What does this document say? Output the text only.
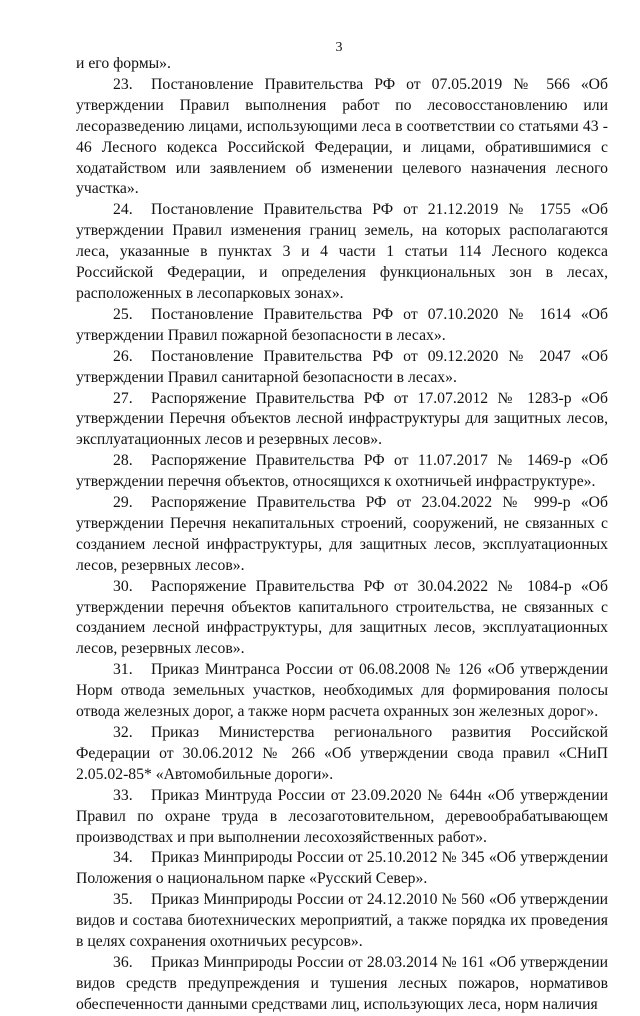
3

и его формы».

23. Постановление Правительства РФ от 07.05.2019 № 566 «Об утверждении Правил выполнения работ по лесовосстановлению или лесоразведению лицами, использующими леса в соответствии со статьями 43 - 46 Лесного кодекса Российской Федерации, и лицами, обратившимися с ходатайством или заявлением об изменении целевого назначения лесного участка».

24. Постановление Правительства РФ от 21.12.2019 № 1755 «Об утверждении Правил изменения границ земель, на которых располагаются леса, указанные в пунктах 3 и 4 части 1 статьи 114 Лесного кодекса Российской Федерации, и определения функциональных зон в лесах, расположенных в лесопарковых зонах».

25. Постановление Правительства РФ от 07.10.2020 № 1614 «Об утверждении Правил пожарной безопасности в лесах».

26. Постановление Правительства РФ от 09.12.2020 № 2047 «Об утверждении Правил санитарной безопасности в лесах».

27. Распоряжение Правительства РФ от 17.07.2012 № 1283-р «Об утверждении Перечня объектов лесной инфраструктуры для защитных лесов, эксплуатационных лесов и резервных лесов».

28. Распоряжение Правительства РФ от 11.07.2017 № 1469-р «Об утверждении перечня объектов, относящихся к охотничьей инфраструктуре».

29. Распоряжение Правительства РФ от 23.04.2022 № 999-р «Об утверждении Перечня некапитальных строений, сооружений, не связанных с созданием лесной инфраструктуры, для защитных лесов, эксплуатационных лесов, резервных лесов».

30. Распоряжение Правительства РФ от 30.04.2022 № 1084-р «Об утверждении перечня объектов капитального строительства, не связанных с созданием лесной инфраструктуры, для защитных лесов, эксплуатационных лесов, резервных лесов».

31. Приказ Минтранса России от 06.08.2008 № 126 «Об утверждении Норм отвода земельных участков, необходимых для формирования полосы отвода железных дорог, а также норм расчета охранных зон железных дорог».

32. Приказ Министерства регионального развития Российской Федерации от 30.06.2012 № 266 «Об утверждении свода правил «СНиП 2.05.02-85* «Автомобильные дороги».

33. Приказ Минтруда России от 23.09.2020 № 644н «Об утверждении Правил по охране труда в лесозаготовительном, деревообрабатывающем производствах и при выполнении лесохозяйственных работ».

34. Приказ Минприроды России от 25.10.2012 № 345 «Об утверждении Положения о национальном парке «Русский Север».

35. Приказ Минприроды России от 24.12.2010 № 560 «Об утверждении видов и состава биотехнических мероприятий, а также порядка их проведения в целях сохранения охотничьих ресурсов».

36. Приказ Минприроды России от 28.03.2014 № 161 «Об утверждении видов средств предупреждения и тушения лесных пожаров, нормативов обеспеченности данными средствами лиц, использующих леса, норм наличия
